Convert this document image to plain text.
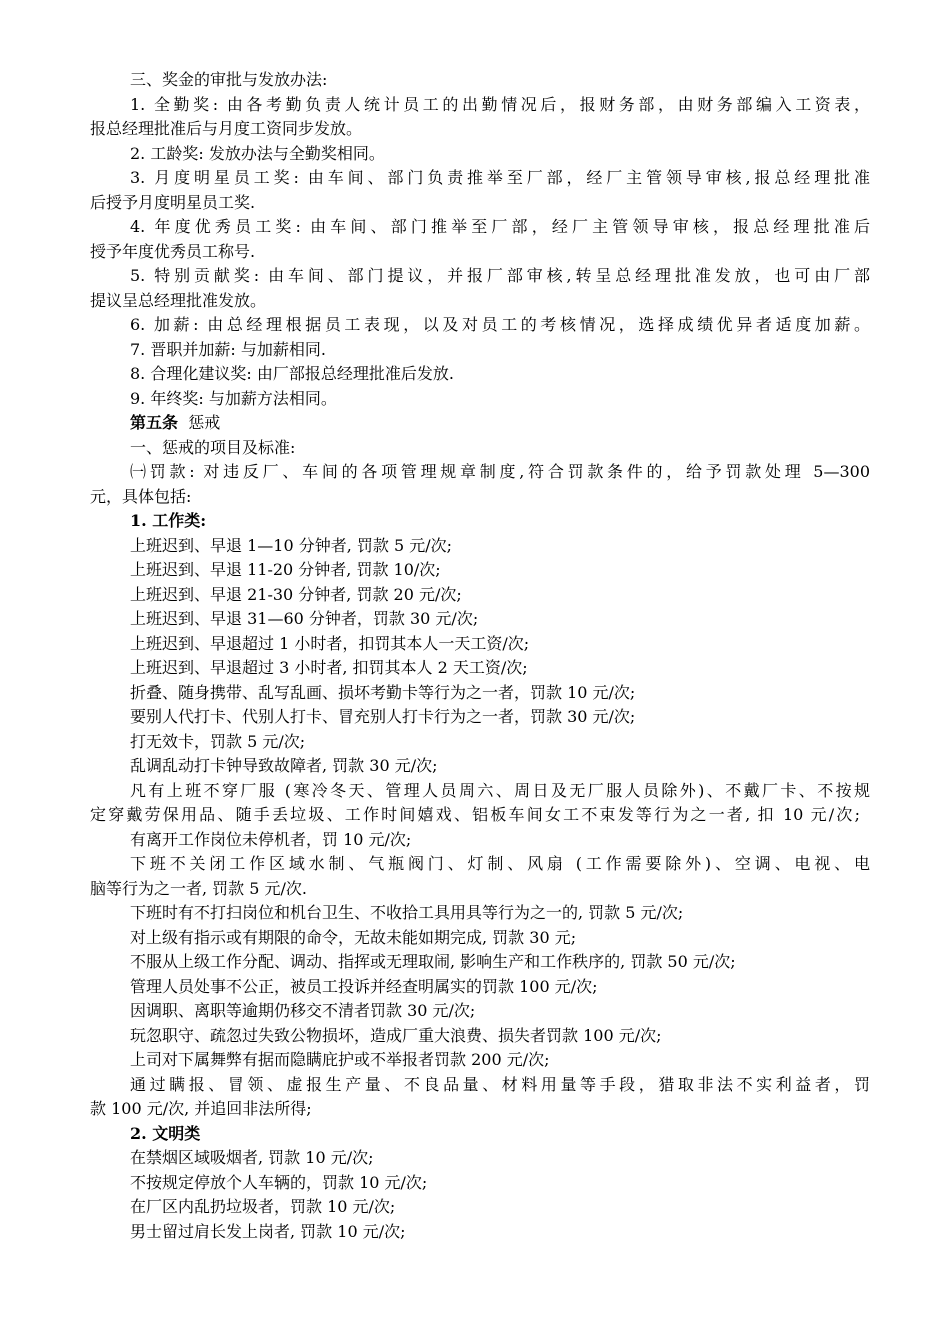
三、奖金的审批与发放办法:
1. 全勤奖: 由各考勤负责人统计员工的出勤情况后，报财务部，由财务部编入工资表，
报总经理批准后与月度工资同步发放。
2. 工龄奖: 发放办法与全勤奖相同。
3. 月度明星员工奖: 由车间、部门负责推举至厂部，经厂主管领导审核,报总经理批准
后授予月度明星员工奖.
4. 年度优秀员工奖: 由车间、部门推举至厂部，经厂主管领导审核，报总经理批准后
授予年度优秀员工称号.
5. 特别贡献奖: 由车间、部门提议，并报厂部审核,转呈总经理批准发放，也可由厂部
提议呈总经理批准发放。
6. 加薪: 由总经理根据员工表现，以及对员工的考核情况，选择成绩优异者适度加薪。
7. 晋职并加薪: 与加薪相同.
8. 合理化建议奖: 由厂部报总经理批准后发放.
9. 年终奖: 与加薪方法相同。
第五条 惩戒
一、惩戒的项目及标准:
㈠罚款: 对违反厂、车间的各项管理规章制度,符合罚款条件的，给予罚款处理 5—300
元，具体包括:
1. 工作类:
上班迟到、早退 1—10 分钟者, 罚款 5 元/次;
上班迟到、早退 11-20 分钟者, 罚款 10/次;
上班迟到、早退 21-30 分钟者, 罚款 20 元/次;
上班迟到、早退 31—60 分钟者，罚款 30 元/次;
上班迟到、早退超过 1 小时者，扣罚其本人一天工资/次;
上班迟到、早退超过 3 小时者, 扣罚其本人 2 天工资/次;
折叠、随身携带、乱写乱画、损坏考勤卡等行为之一者，罚款 10 元/次;
要别人代打卡、代别人打卡、冒充别人打卡行为之一者，罚款 30 元/次;
打无效卡，罚款 5 元/次;
乱调乱动打卡钟导致故障者, 罚款 30 元/次;
凡有上班不穿厂服 (寒冷冬天、管理人员周六、周日及无厂服人员除外)、不戴厂卡、不按规
定穿戴劳保用品、随手丢垃圾、工作时间嬉戏、铝板车间女工不束发等行为之一者, 扣 10 元/次;
有离开工作岗位未停机者，罚 10 元/次;
下班不关闭工作区域水制、气瓶阀门、灯制、风扇 (工作需要除外)、空调、电视、电
脑等行为之一者, 罚款 5 元/次.
下班时有不打扫岗位和机台卫生、不收拾工具用具等行为之一的, 罚款 5 元/次;
对上级有指示或有期限的命令，无故未能如期完成, 罚款 30 元;
不服从上级工作分配、调动、指挥或无理取闹, 影响生产和工作秩序的, 罚款 50 元/次;
管理人员处事不公正，被员工投诉并经查明属实的罚款 100 元/次;
因调职、离职等逾期仍移交不清者罚款 30 元/次;
玩忽职守、疏忽过失致公物损坏，造成厂重大浪费、损失者罚款 100 元/次;
上司对下属舞弊有据而隐瞒庇护或不举报者罚款 200 元/次;
通过瞒报、冒领、虚报生产量、不良品量、材料用量等手段，猎取非法不实利益者，罚
款 100 元/次, 并追回非法所得;
2. 文明类
在禁烟区域吸烟者, 罚款 10 元/次;
不按规定停放个人车辆的，罚款 10 元/次;
在厂区内乱扔垃圾者，罚款 10 元/次;
男士留过肩长发上岗者, 罚款 10 元/次;
